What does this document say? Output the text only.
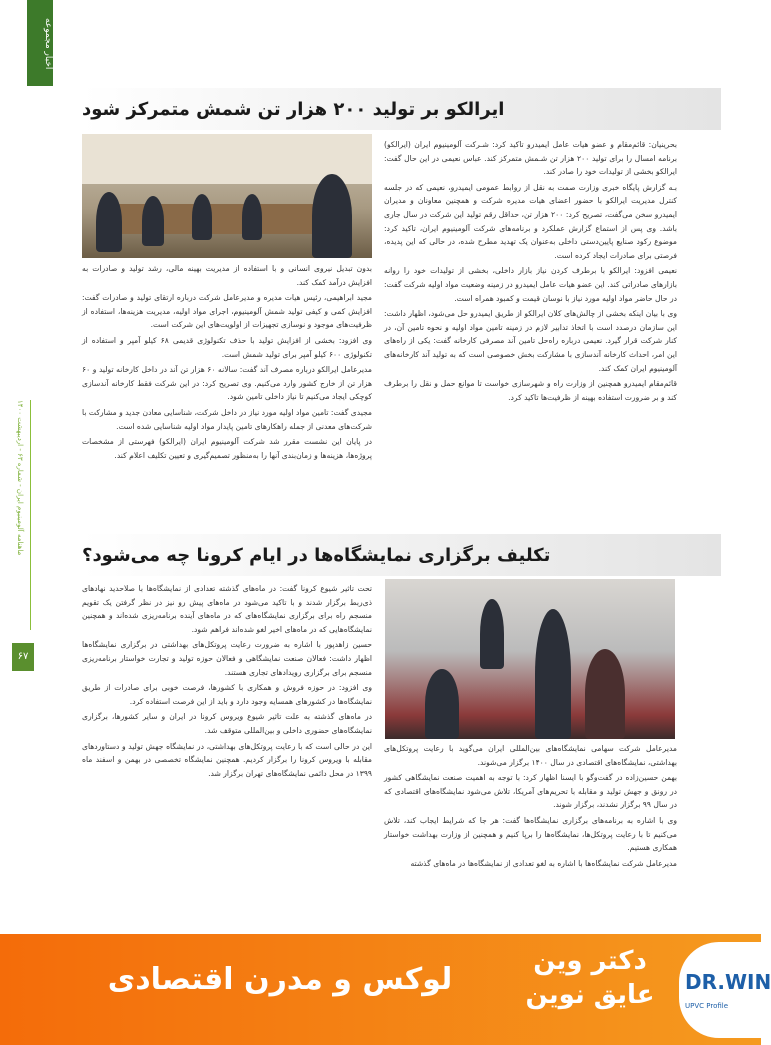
اخبار مجموعه
ماهنامه آلومینیوم ایران - شماره ۶۳ - اردیبهشت ۱۴۰۰
۶۷
ایرالکو بر تولید ۲۰۰ هزار تن شمش متمرکز شود

بحرینیان: قائم‌مقام و عضو هیات عامل ایمیدرو تاکید کرد: شـرکت آلومینیوم ایران (ایرالکو) برنامه امسال را برای تولید ۲۰۰ هزار تن شـمش متمرکز کند. عباس نعیمی در این حال گفت: ایرالکو بخشی از تولیدات خود را صادر کند.

بـه گزارش پایگاه خبری وزارت صمت به نقل از روابط عمومی ایمیدرو، نعیمی که در جلسه کنترل مدیریت ایرالکو با حضور اعضای هیات مدیره شرکت و همچنین معاونان و مدیران ایمیدرو سخن می‌گفت، تصریح کرد: ۲۰۰ هزار تن، حداقل رقم تولید این شرکت در سال جاری باشد. وی پس از استماع گزارش عملکرد و برنامه‌های شرکت آلومینیوم ایران، تاکید کرد: موضوع رکود صنایع پایین‌دستی داخلی به‌عنوان یک تهدید مطرح شده، در حالی که این پدیده، فرصتی برای صادرات ایجاد کرده است.

نعیمی افزود: ایرالکو با برطرف کردن نیاز بازار داخلی، بخشی از تولیدات خود را روانه بازارهای صادراتی کند. این عضو هیات عامل ایمیدرو در زمینه وضعیت مواد اولیه شرکت گفت: در حال حاضر مواد اولیه مورد نیاز با نوسان قیمت و کمبود همراه است.

وی با بیان اینکه بخشی از چالش‌های کلان ایرالکو از طریق ایمیدرو حل می‌شود، اظهار داشت: این سازمان درصدد است با اتخاذ تدابیر لازم در زمینه تامین مواد اولیه و نحوه تامین آن، در کنار شرکت قرار گیرد. نعیمی درباره راه‌حل تامین آند مصرفی کارخانه گفت: یکی از راه‌های این امر، احداث کارخانه آندسازی با مشارکت بخش خصوصی است که به تولید آند کارخانه‌های آلومینیوم ایران کمک کند.

قائم‌مقام ایمیدرو همچنین از وزارت راه و شهرسازی خواست تا موانع حمل و نقل را برطرف کند و بر ضرورت استفاده بهینه از ظرفیت‌ها تاکید کرد.

بدون تبدیل نیروی انسانی و با استفاده از مدیریت بهینه مالی، رشد تولید و صادرات به افزایش درآمد کمک کند.

مجید ابراهیمی، رئیس هیات مدیره و مدیرعامل شرکت درباره ارتقای تولید و صادرات گفت: افزایش کمی و کیفی تولید شمش آلومینیوم، اجرای مواد اولیه، مدیریت هزینه‌ها، استفاده از ظرفیت‌های موجود و نوسازی تجهیزات از اولویت‌های این شرکت است.

وی افزود: بخشی از افزایش تولید با حذف تکنولوژی قدیمی ۶۸ کیلو آمپر و استفاده از تکنولوژی ۶۰۰ کیلو آمپر برای تولید شمش است.

مدیرعامل ایرالکو درباره مصرف آند گفت: سالانه ۶۰ هزار تن آند در داخل کارخانه تولید و ۶۰ هزار تن از خارج کشور وارد می‌کنیم. وی تصریح کرد: در این شرکت فقط کارخانه آندسازی کوچکی ایجاد می‌کنیم تا نیاز داخلی تامین شود.

مجیدی گفت: تامین مواد اولیه مورد نیاز در داخل شرکت، شناسایی معادن جدید و مشارکت با شرکت‌های معدنی از جمله راهکارهای تامین پایدار مواد اولیه شناسایی شده است.

در پایان این نشست مقرر شد شرکت آلومینیوم ایران (ایرالکو) فهرستی از مشخصات پروژه‌ها، هزینه‌ها و زمان‌بندی آنها را به‌منظور تصمیم‌گیری و تعیین تکلیف اعلام کند.

تکلیف برگزاری نمایشگاه‌ها در ایام کرونا چه می‌شود؟

تحت تاثیر شیوع کرونا گفت: در ماه‌های گذشته تعدادی از نمایشگاه‌ها با صلاحدید نهادهای ذی‌ربط برگزار شدند و با تاکید می‌شود در ماه‌های پیش رو نیز در نظر گرفتن یک تقویم منسجم راه برای برگزاری نمایشگاه‌های که در ماه‌های آینده برنامه‌ریزی شده‌اند و همچنین نمایشگاه‌هایی که در ماه‌های اخیر لغو شده‌اند فراهم شود.

حسین زاهدپور با اشاره به ضرورت رعایت پروتکل‌های بهداشتی در برگزاری نمایشگاه‌ها اظهار داشت: فعالان صنعت نمایشگاهی و فعالان حوزه تولید و تجارت خواستار برنامه‌ریزی منسجم برای برگزاری رویدادهای تجاری هستند.

وی افزود: در حوزه فروش و همکاری با کشورها، فرصت خوبی برای صادرات از طریق نمایشگاه‌ها در کشورهای همسایه وجود دارد و باید از این فرصت استفاده کرد.

در ماه‌های گذشته به علت تاثیر شیوع ویروس کرونا در ایران و سایر کشورها، برگزاری نمایشگاه‌های حضوری داخلی و بین‌المللی متوقف شد.

این در حالی است که با رعایت پروتکل‌های بهداشتی، در نمایشگاه جهش تولید و دستاوردهای مقابله با ویروس کرونا را برگزار کردیم. همچنین نمایشگاه تخصصی در بهمن و اسفند ماه ۱۳۹۹ در محل دائمی نمایشگاه‌های تهران برگزار شد.

مدیرعامل شرکت سهامی نمایشگاه‌های بین‌المللی ایران می‌گوید با رعایت پروتکل‌های بهداشتی، نمایشگاه‌های اقتصادی در سال ۱۴۰۰ برگزار می‌شوند.

بهمن حسین‌زاده در گفت‌وگو با ایسنا اظهار کرد: با توجه به اهمیت صنعت نمایشگاهی کشور در رونق و جهش تولید و مقابله با تحریم‌های آمریکا، تلاش می‌شود نمایشگاه‌های اقتصادی که در سال ۹۹ برگزار نشدند، برگزار شوند.

وی با اشاره به برنامه‌های برگزاری نمایشگاه‌ها گفت: هر جا که شرایط ایجاب کند، تلاش می‌کنیم تا با رعایت پروتکل‌ها، نمایشگاه‌ها را برپا کنیم و همچنین از وزارت بهداشت خواستار همکاری هستیم.

مدیرعامل شرکت نمایشگاه‌ها با اشاره به لغو تعدادی از نمایشگاه‌ها در ماه‌های گذشته

لوکس و مدرن اقتصادی
دکتر وین
عایق نوین	DR.WIN
UPVC Profile
